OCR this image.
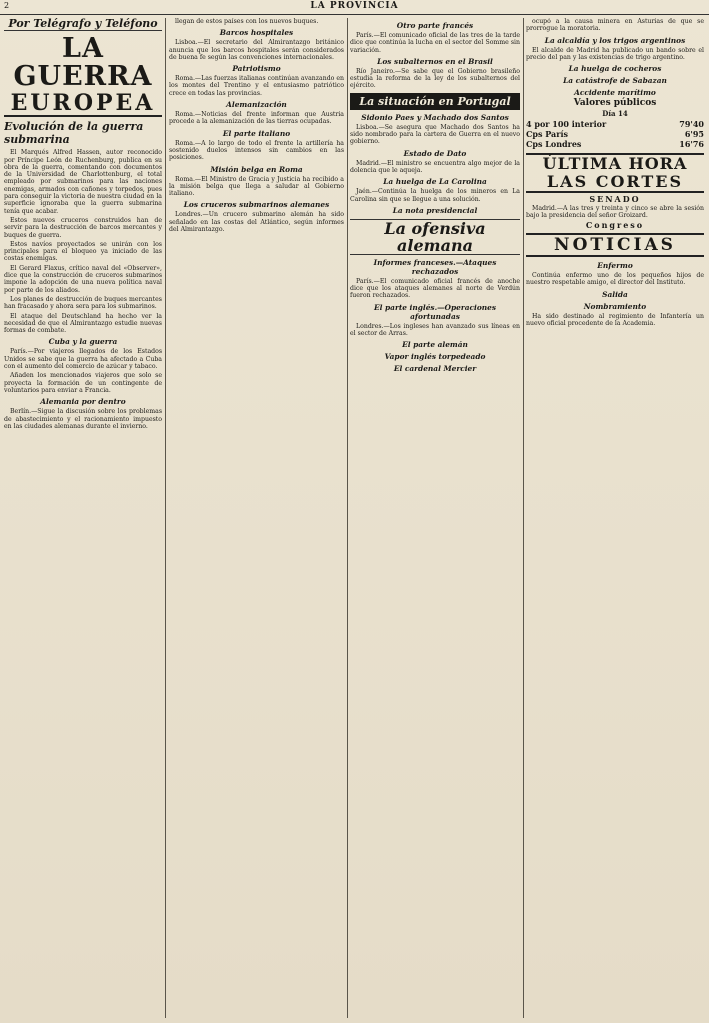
2	LA PROVINCIA
Por Telégrafo y Teléfono
LA GUERRA
EUROPEA
Evolución de la guerra submarina

El Marqués Alfred Hassen, autor reconocido por Príncipe León de Ruchenburg, publica en su obra de la guerra, comentando con documentos de la Universidad de Charlottenburg, el total empleado por submarinos para las naciones enemigas, armados con cañones y torpedos, pues para conseguir la victoria de nuestra ciudad en la superficie ignoraba que la guerra submarina tenía que acabar.

Estos nuevos cruceros construidos han de servir para la destrucción de barcos mercantes y buques de guerra.

Estos navíos proyectados se unirán con los principales para el bloqueo ya iniciado de las costas enemigas.

El Gerard Flaxus, crítico naval del «Observer», dice que la construcción de cruceros submarinos impone la adopción de una nueva política naval por parte de los aliados.

Los planes de destrucción de buques mercantes han fracasado y ahora sera para los submarinos.

El ataque del Deutschland ha hecho ver la necesidad de que el Almirantazgo estudie nuevas formas de combate.

Cuba y la guerra

París.—Por viajeros llegados de los Estados Unidos se sabe que la guerra ha afectado a Cuba con el aumento del comercio de azúcar y tabaco.

Añaden los mencionados viajeros que solo se proyecta la formación de un contingente de voluntarios para enviar a Francia.

Alemania por dentro

Berlín.—Sigue la discusión sobre los problemas de abastecimiento y el racionamiento impuesto en las ciudades alemanas durante el invierno.

llegan de estos países con los nuevos buques.

Barcos hospitales

Lisboa.—El secretario del Almirantazgo británico anuncia que los barcos hospitales serán considerados de buena fe según las convenciones internacionales.

Patriotismo

Roma.—Las fuerzas italianas continúan avanzando en los montes del Trentino y el entusiasmo patriótico crece en todas las provincias.

Alemanización

Roma.—Noticias del frente informan que Austria procede a la alemanización de las tierras ocupadas.

El parte italiano

Roma.—A lo largo de todo el frente la artillería ha sostenido duelos intensos sin cambios en las posiciones.

Misión belga en Roma

Roma.—El Ministro de Gracia y Justicia ha recibido a la misión belga que llega a saludar al Gobierno italiano.

Los cruceros submarinos alemanes

Londres.—Un crucero submarino alemán ha sido señalado en las costas del Atlántico, según informes del Almirantazgo.

Otro parte francés

París.—El comunicado oficial de las tres de la tarde dice que continúa la lucha en el sector del Somme sin variación.

Los subalternos en el Brasil

Río Janeiro.—Se sabe que el Gobierno brasileño estudia la reforma de la ley de los subalternos del ejército.

La situación en Portugal
Sidonio Paes y Machado dos Santos

Lisboa.—Se asegura que Machado dos Santos ha sido nombrado para la cartera de Guerra en el nuevo gobierno.

Estado de Dato

Madrid.—El ministro se encuentra algo mejor de la dolencia que le aqueja.

La huelga de La Carolina

Jaén.—Continúa la huelga de los mineros en La Carolina sin que se llegue a una solución.

La nota presidencial
La ofensiva alemana
Informes franceses.—Ataques rechazados

París.—El comunicado oficial francés de anoche dice que los ataques alemanes al norte de Verdún fueron rechazados.

El parte inglés.—Operaciones afortunadas

Londres.—Los ingleses han avanzado sus líneas en el sector de Arras.

El parte alemán
Vapor inglés torpedeado
El cardenal Mercier

ocupó a la causa minera en Asturias de que se prorrogue la moratoria.

La alcaldía y los trigos argentinos

El alcalde de Madrid ha publicado un bando sobre el precio del pan y las existencias de trigo argentino.

La huelga de cocheros
La catástrofe de Sabazan
Accidente marítimo
Valores públicos
Día 14
4 por 100 interior	79'40
Cps París	6'95
Cps Londres	16'76
ÚLTIMA HORA
LAS CORTES
SENADO

Madrid.—A las tres y treinta y cinco se abre la sesión bajo la presidencia del señor Groizard.

Congreso
NOTICIAS
Enfermo

Continúa enfermo uno de los pequeños hijos de nuestro respetable amigo, el director del Instituto.

Salida
Nombramiento

Ha sido destinado al regimiento de Infantería un nuevo oficial procedente de la Academia.
